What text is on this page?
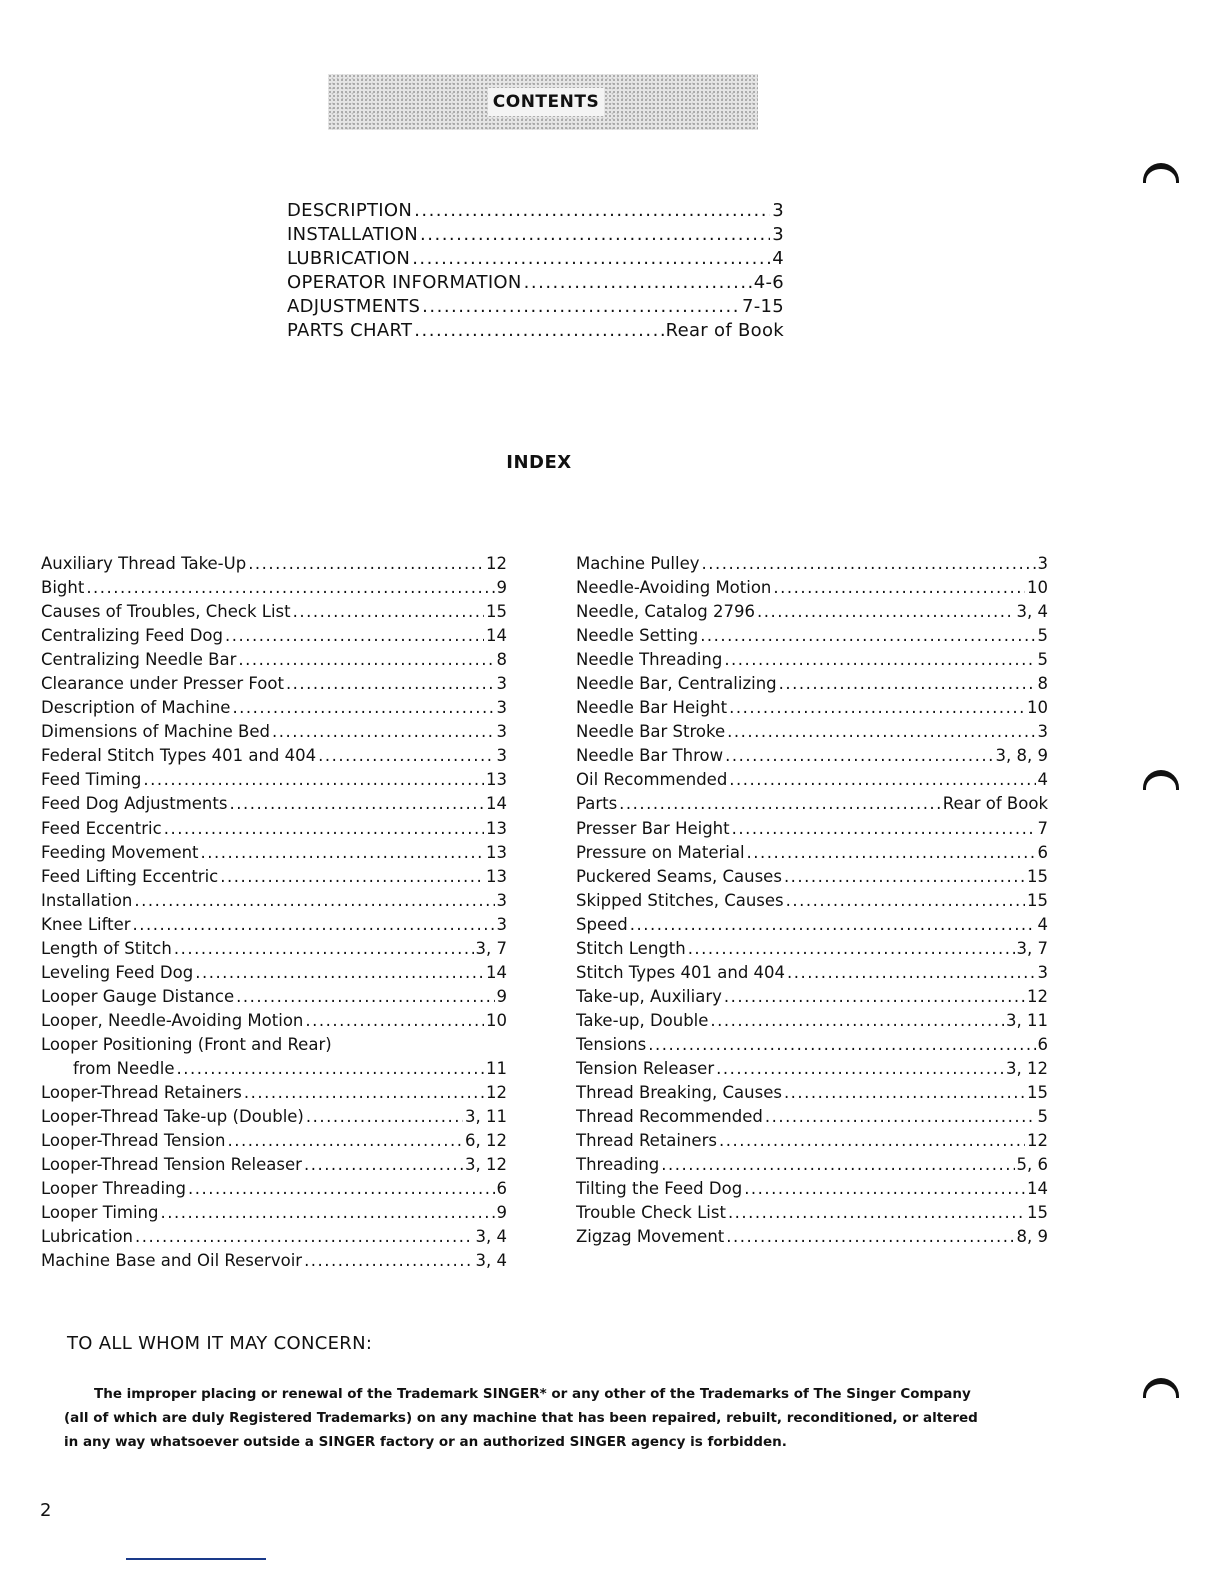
CONTENTS
DESCRIPTION .....	3
INSTALLATION .....	3
LUBRICATION .....	4
OPERATOR INFORMATION .....	4-6
ADJUSTMENTS .....	7-15
PARTS CHART .....	Rear of Book
INDEX
Auxiliary Thread Take-Up .....	12
Bight .....	9
Causes of Troubles, Check List .....	15
Centralizing Feed Dog .....	14
Centralizing Needle Bar .....	8
Clearance under Presser Foot .....	3
Description of Machine .....	3
Dimensions of Machine Bed .....	3
Federal Stitch Types 401 and 404 .....	3
Feed Timing .....	13
Feed Dog Adjustments .....	14
Feed Eccentric .....	13
Feeding Movement .....	13
Feed Lifting Eccentric .....	13
Installation .....	3
Knee Lifter .....	3
Length of Stitch .....	3, 7
Leveling Feed Dog .....	14
Looper Gauge Distance .....	9
Looper, Needle-Avoiding Motion .....	10
Looper Positioning (Front and Rear)
from Needle .....	11
Looper-Thread Retainers .....	12
Looper-Thread Take-up (Double) .....	3, 11
Looper-Thread Tension .....	6, 12
Looper-Thread Tension Releaser .....	3, 12
Looper Threading .....	6
Looper Timing .....	9
Lubrication .....	3, 4
Machine Base and Oil Reservoir .....	3, 4
Machine Pulley .....	3
Needle-Avoiding Motion .....	10
Needle, Catalog 2796 .....	3, 4
Needle Setting .....	5
Needle Threading .....	5
Needle Bar, Centralizing .....	8
Needle Bar Height .....	10
Needle Bar Stroke .....	3
Needle Bar Throw .....	3, 8, 9
Oil Recommended .....	4
Parts .....	Rear of Book
Presser Bar Height .....	7
Pressure on Material .....	6
Puckered Seams, Causes .....	15
Skipped Stitches, Causes .....	15
Speed .....	4
Stitch Length .....	3, 7
Stitch Types 401 and 404 .....	3
Take-up, Auxiliary .....	12
Take-up, Double .....	3, 11
Tensions .....	6
Tension Releaser .....	3, 12
Thread Breaking, Causes .....	15
Thread Recommended .....	5
Thread Retainers .....	12
Threading .....	5, 6
Tilting the Feed Dog .....	14
Trouble Check List .....	15
Zigzag Movement .....	8, 9
TO ALL WHOM IT MAY CONCERN:
The improper placing or renewal of the Trademark SINGER* or any other of the Trademarks of The Singer Company
(all of which are duly Registered Trademarks) on any machine that has been repaired, rebuilt, reconditioned, or altered
in any way whatsoever outside a SINGER factory or an authorized SINGER agency is forbidden.
2
